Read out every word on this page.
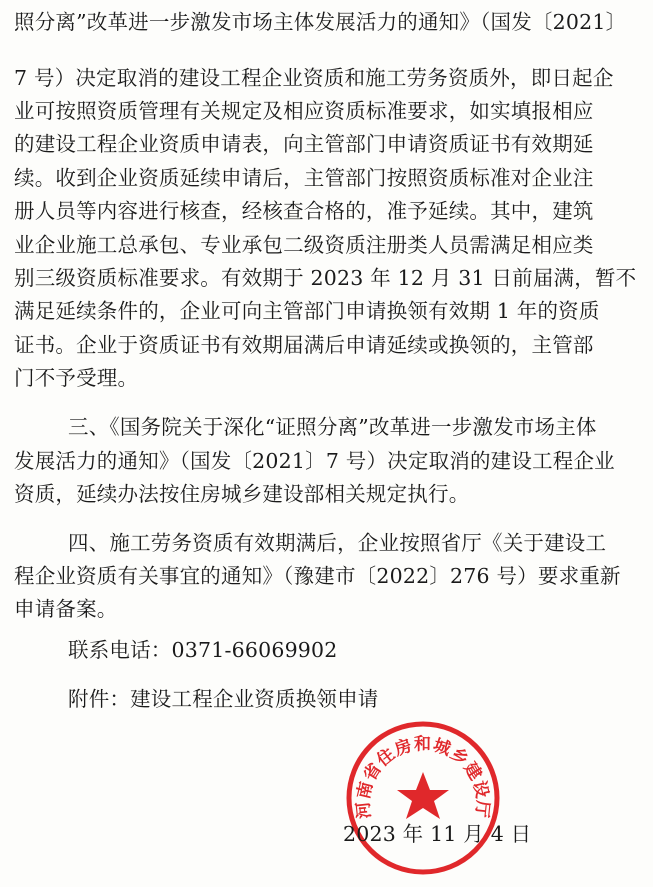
照分离”改革进一步激发市场主体发展活力的通知》（国发〔2021〕
7 号）决定取消的建设工程企业资质和施工劳务资质外，即日起企
业可按照资质管理有关规定及相应资质标准要求，如实填报相应
的建设工程企业资质申请表，向主管部门申请资质证书有效期延
续。收到企业资质延续申请后，主管部门按照资质标准对企业注
册人员等内容进行核查，经核查合格的，准予延续。其中，建筑
业企业施工总承包、专业承包二级资质注册类人员需满足相应类
别三级资质标准要求。有效期于 2023 年 12 月 31 日前届满，暂不
满足延续条件的，企业可向主管部门申请换领有效期 1 年的资质
证书。企业于资质证书有效期届满后申请延续或换领的，主管部
门不予受理。
三、《国务院关于深化“证照分离”改革进一步激发市场主体
发展活力的通知》（国发〔2021〕7 号）决定取消的建设工程企业
资质，延续办法按住房城乡建设部相关规定执行。
四、施工劳务资质有效期满后，企业按照省厅《关于建设工
程企业资质有关事宜的通知》（豫建市〔2022〕276 号）要求重新
申请备案。
联系电话：0371-66069902
附件：建设工程企业资质换领申请
河南省住房和城乡建设厅
2023 年 11 月 4 日
